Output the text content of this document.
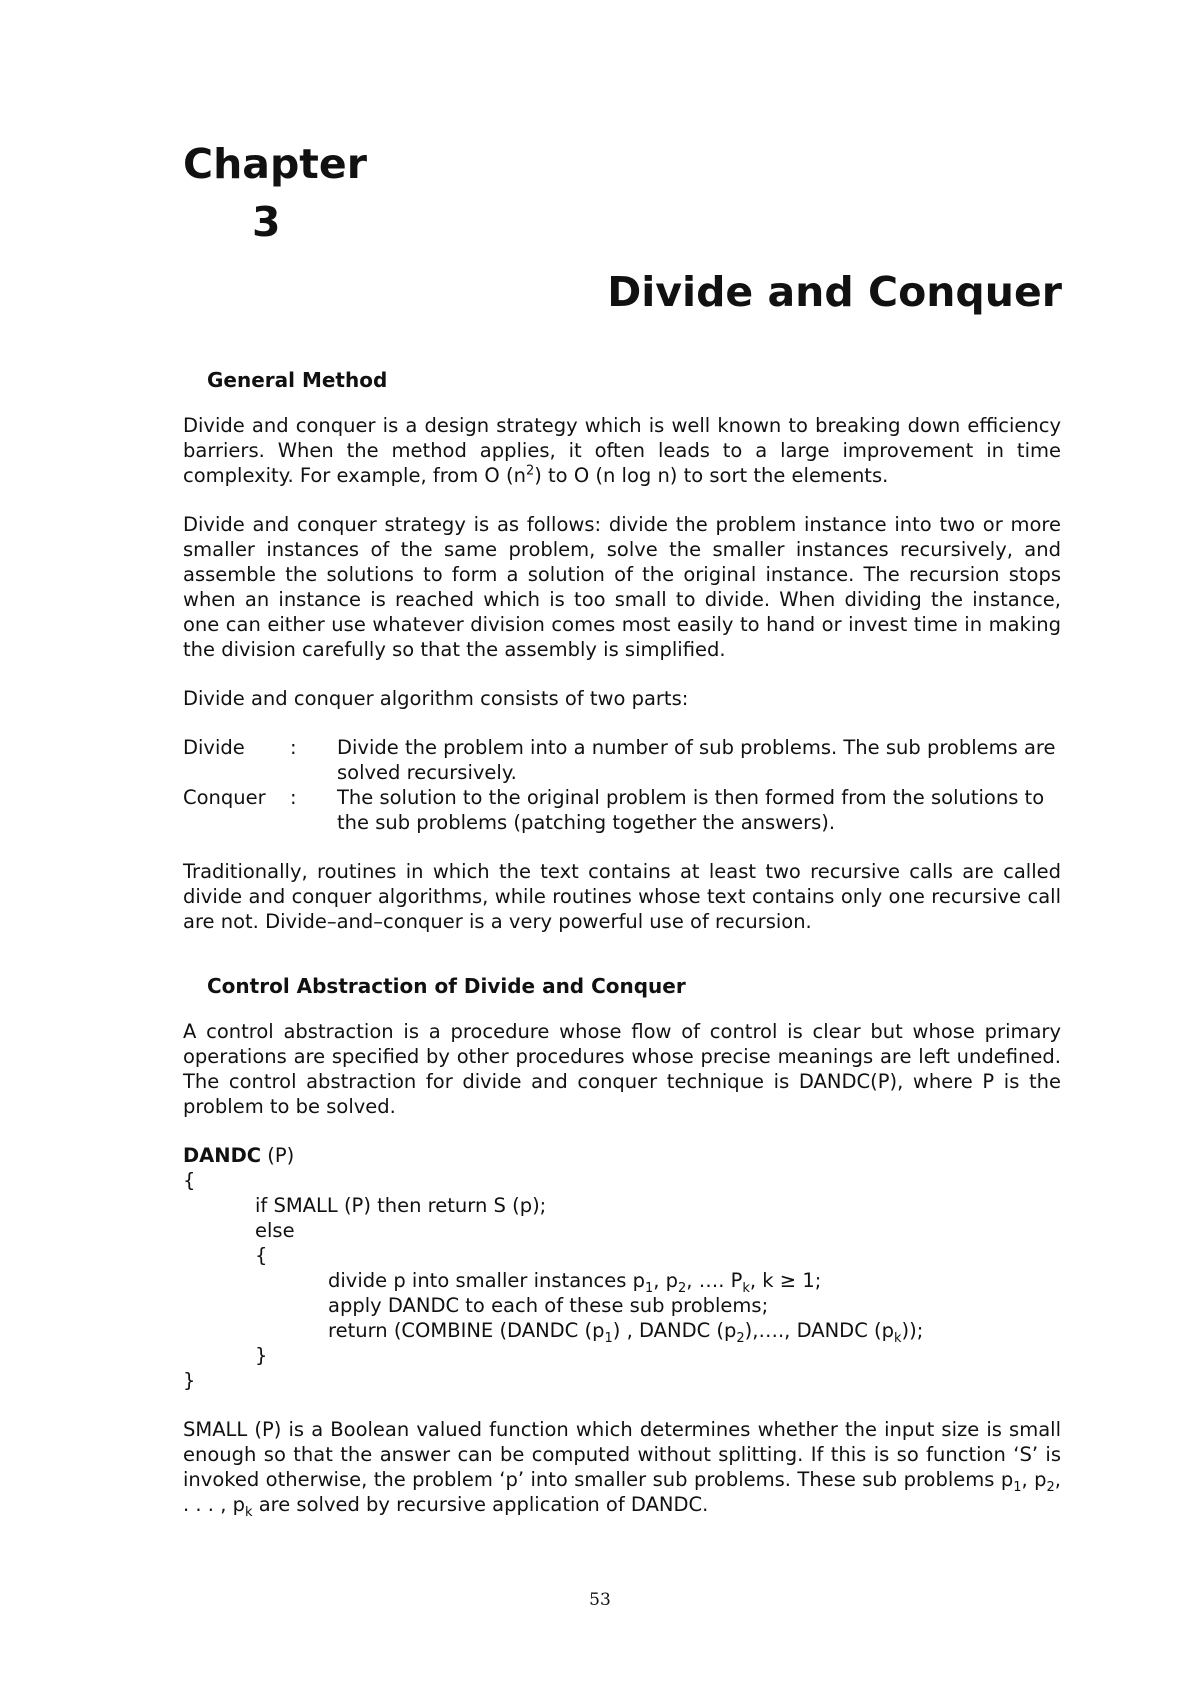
Chapter
3
Divide and Conquer
General Method

Divide and conquer is a design strategy which is well known to breaking down efficiency barriers. When the method applies, it often leads to a large improvement in time complexity. For example, from O $(n^2)$ to O (n log n) to sort the elements.

Divide and conquer strategy is as follows: divide the problem instance into two or more smaller instances of the same problem, solve the smaller instances recursively, and assemble the solutions to form a solution of the original instance. The recursion stops when an instance is reached which is too small to divide. When dividing the instance, one can either use whatever division comes most easily to hand or invest time in making the division carefully so that the assembly is simplified.

Divide and conquer algorithm consists of two parts:

Divide	:	Divide the problem into a number of sub problems. The sub problems are solved recursively.
Conquer	:	The solution to the original problem is then formed from the solutions to the sub problems (patching together the answers).

Traditionally, routines in which the text contains at least two recursive calls are called divide and conquer algorithms, while routines whose text contains only one recursive call are not. Divide–and–conquer is a very powerful use of recursion.

Control Abstraction of Divide and Conquer

A control abstraction is a procedure whose flow of control is clear but whose primary operations are specified by other procedures whose precise meanings are left undefined. The control abstraction for divide and conquer technique is DANDC(P), where P is the problem to be solved.

DANDC (P)
{
if SMALL (P) then return S (p);
else
{
divide p into smaller instances $p_1$, $p_2$, …. $P_k$, k ≥ 1;
apply DANDC to each of these sub problems;
return (COMBINE (DANDC $(p_1)$ , DANDC $(p_2),\dots$., DANDC $(p_k)$);
}
}

SMALL (P) is a Boolean valued function which determines whether the input size is small enough so that the answer can be computed without splitting. If this is so function ‘S’ is invoked otherwise, the problem ‘p’ into smaller sub problems. These sub problems $p_1$, $p_2$, . . . , $p_k$ are solved by recursive application of DANDC.

53
